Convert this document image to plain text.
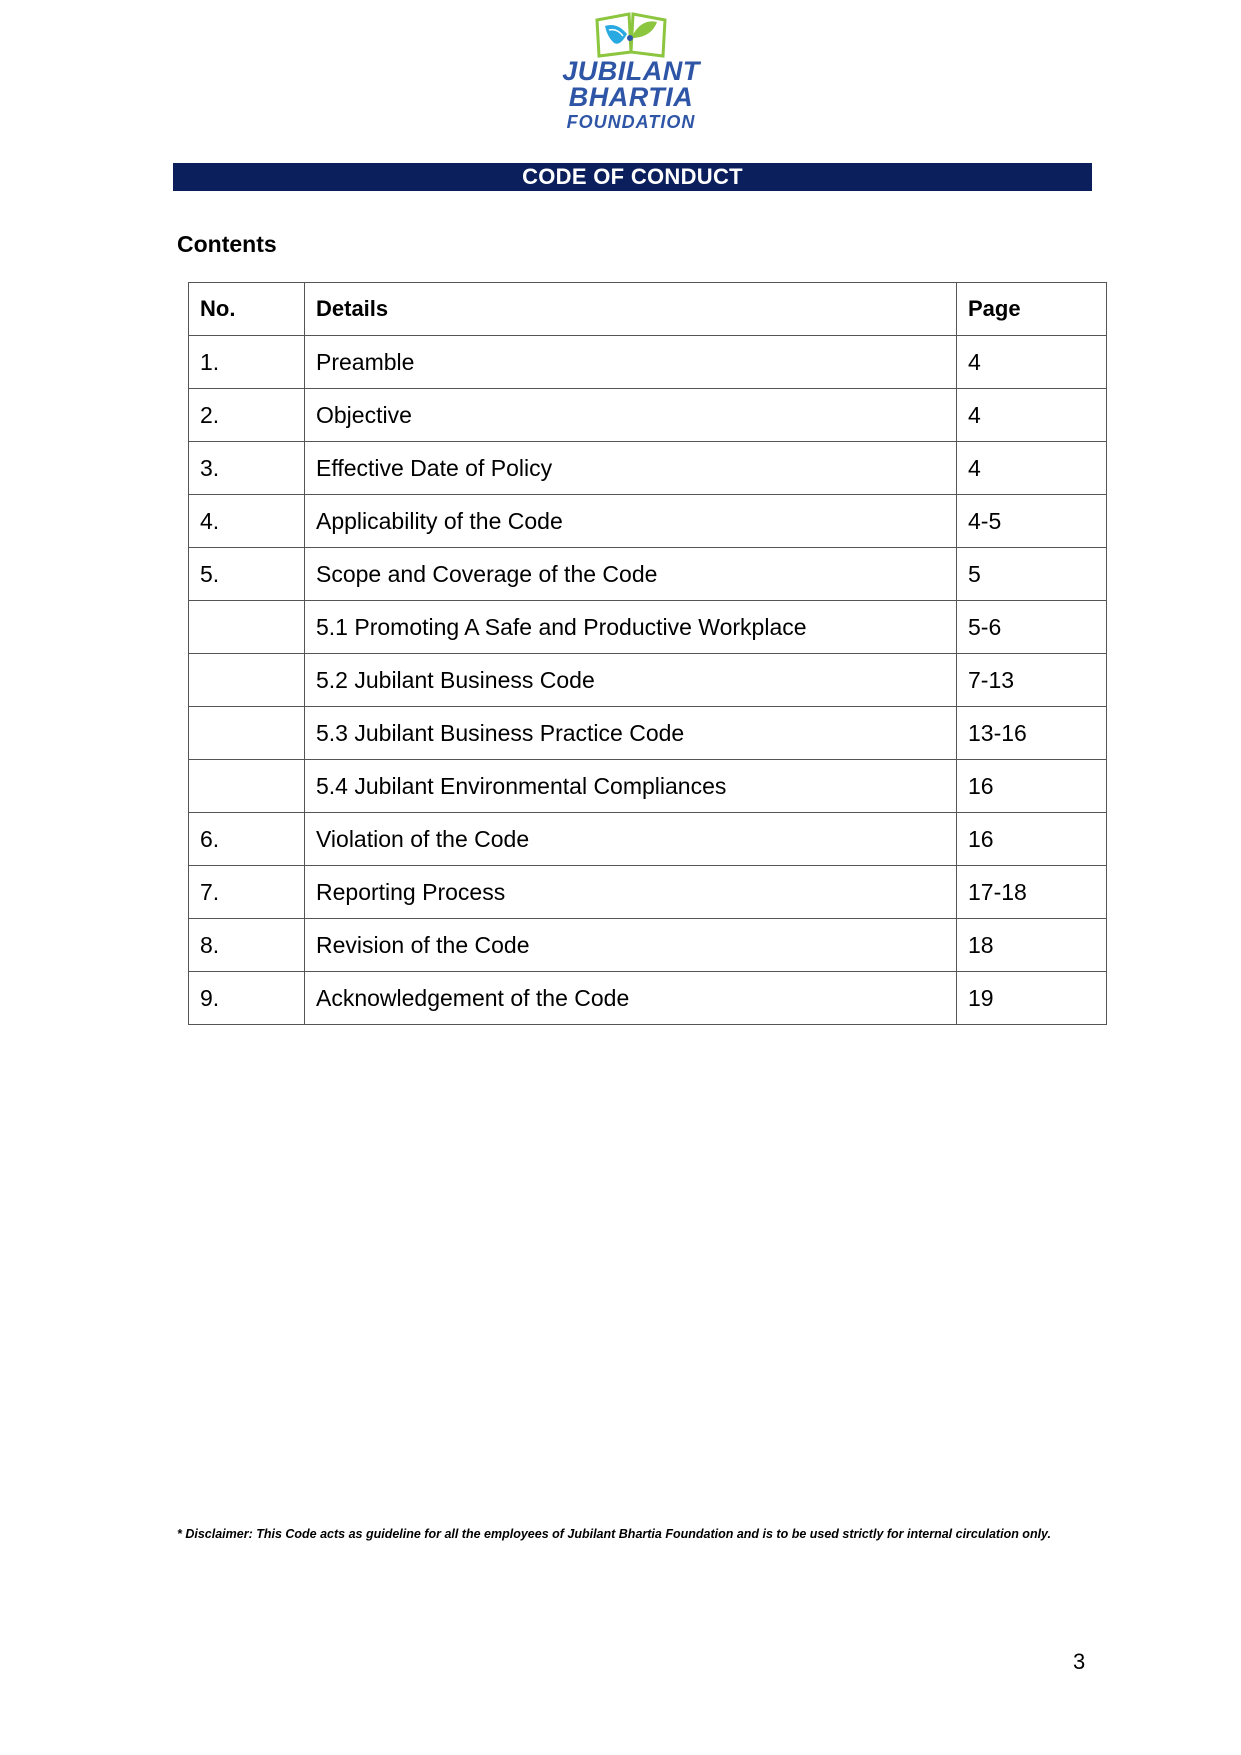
JUBILANT
BHARTIA
FOUNDATION
CODE OF CONDUCT
Contents
No.	Details	Page
1.	Preamble	4
2.	Objective	4
3.	Effective Date of Policy	4
4.	Applicability of the Code	4-5
5.	Scope and Coverage of the Code	5
	5.1 Promoting A Safe and Productive Workplace	5-6
	5.2 Jubilant Business Code	7-13
	5.3 Jubilant Business Practice Code	13-16
	5.4 Jubilant Environmental Compliances	16
6.	Violation of the Code	16
7.	Reporting Process	17-18
8.	Revision of the Code	18
9.	Acknowledgement of the Code	19

* Disclaimer: This Code acts as guideline for all the employees of Jubilant Bhartia Foundation and is to be used strictly for internal circulation only.

3
